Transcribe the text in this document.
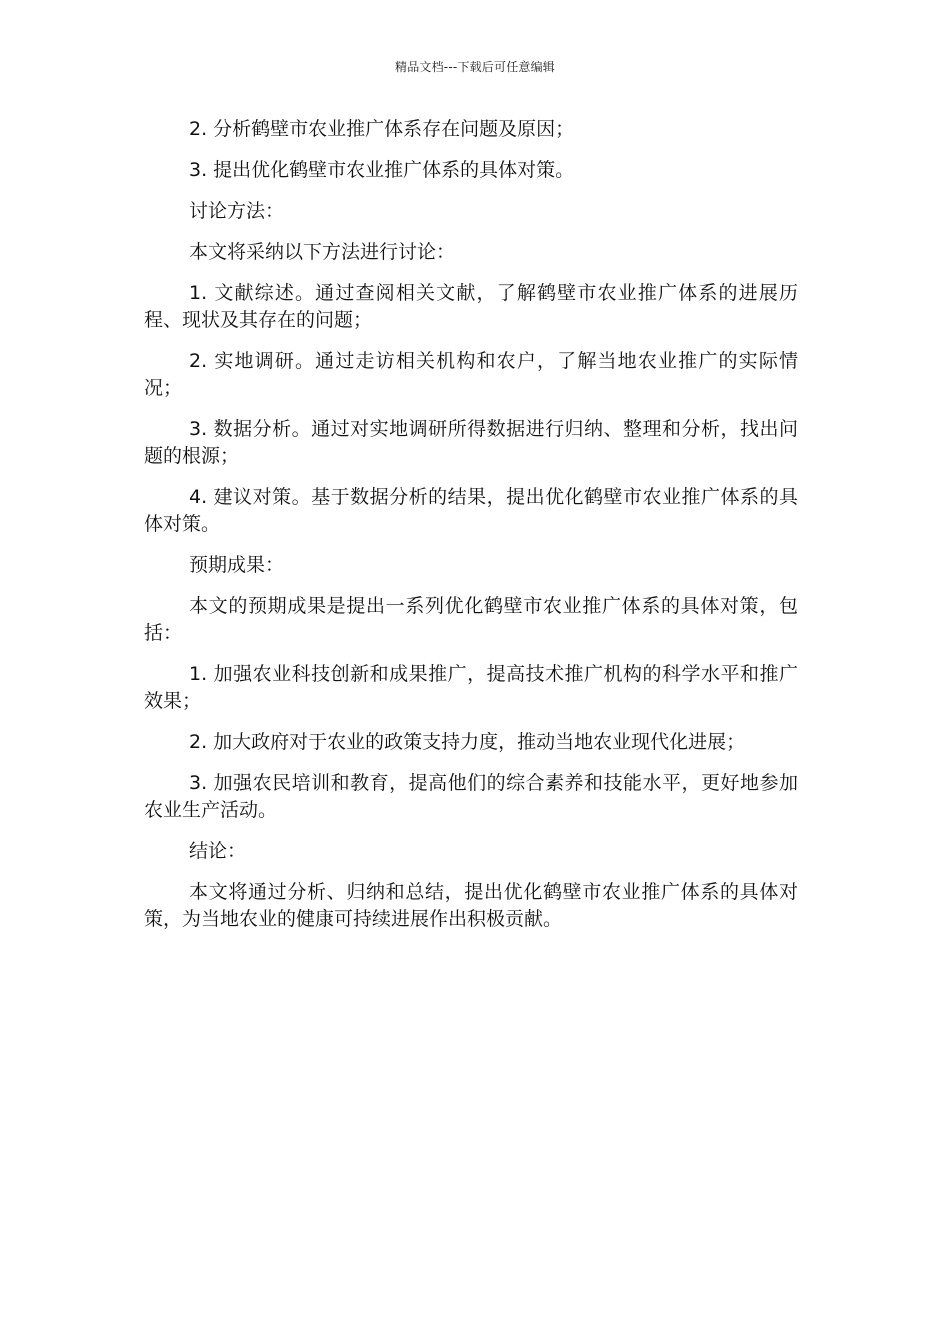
精品文档---下载后可任意编辑

2. 分析鹤壁市农业推广体系存在问题及原因；

3. 提出优化鹤壁市农业推广体系的具体对策。

讨论方法：

本文将采纳以下方法进行讨论：

1. 文献综述。通过查阅相关文献，了解鹤壁市农业推广体系的进展历程、现状及其存在的问题；

2. 实地调研。通过走访相关机构和农户，了解当地农业推广的实际情况；

3. 数据分析。通过对实地调研所得数据进行归纳、整理和分析，找出问题的根源；

4. 建议对策。基于数据分析的结果，提出优化鹤壁市农业推广体系的具体对策。

预期成果：

本文的预期成果是提出一系列优化鹤壁市农业推广体系的具体对策，包括：

1. 加强农业科技创新和成果推广，提高技术推广机构的科学水平和推广效果；

2. 加大政府对于农业的政策支持力度，推动当地农业现代化进展；

3. 加强农民培训和教育，提高他们的综合素养和技能水平，更好地参加农业生产活动。

结论：

本文将通过分析、归纳和总结，提出优化鹤壁市农业推广体系的具体对策，为当地农业的健康可持续进展作出积极贡献。
